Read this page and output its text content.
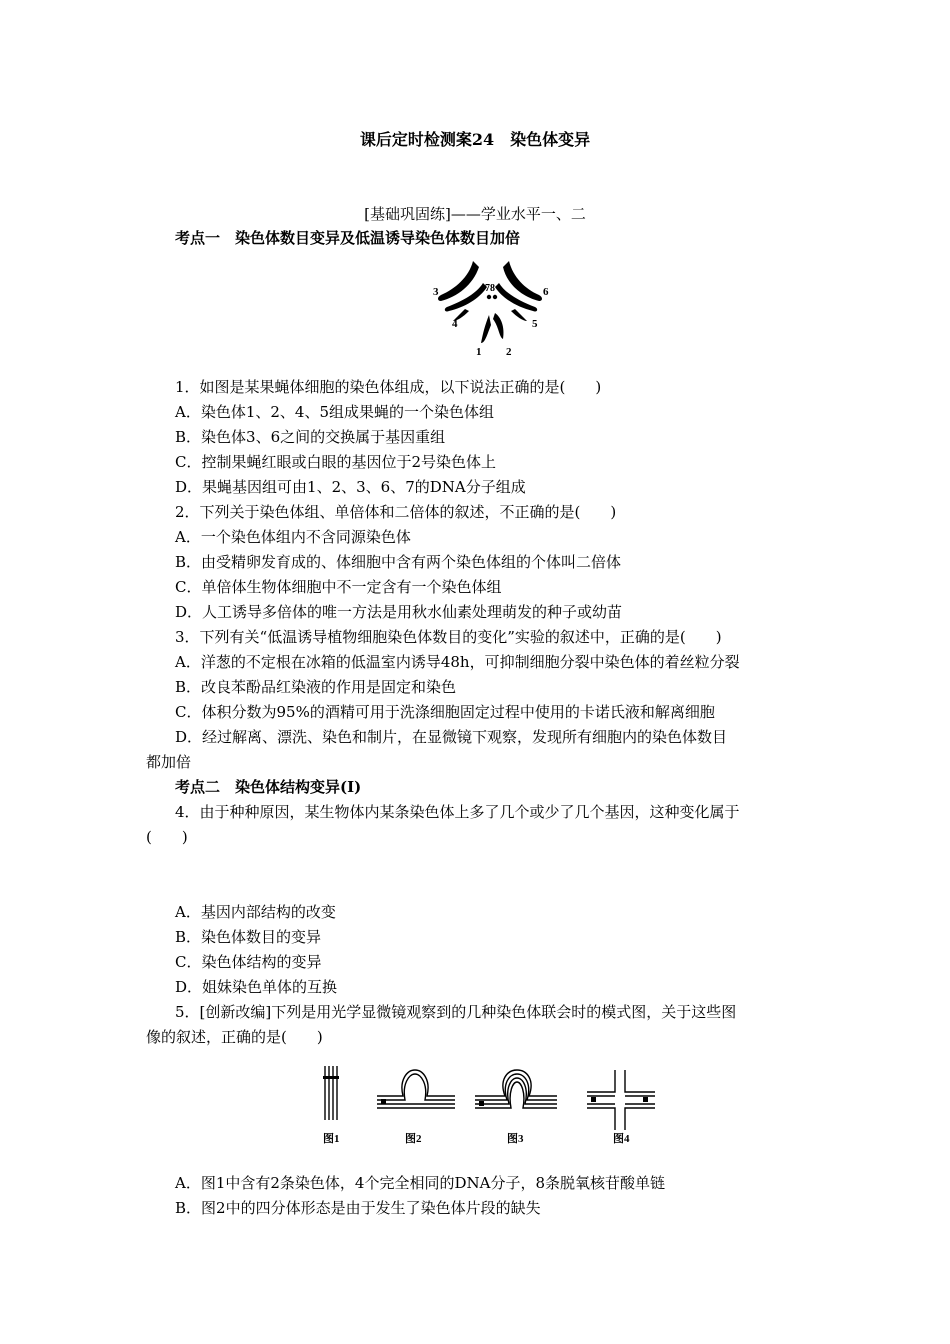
课后定时检测案24　染色体变异
[基础巩固练]——学业水平一、二
考点一　染色体数目变异及低温诱导染色体数目加倍
3	78	6
4	5
1 2
1．如图是某果蝇体细胞的染色体组成，以下说法正确的是(　　)
A．染色体1、2、4、5组成果蝇的一个染色体组
B．染色体3、6之间的交换属于基因重组
C．控制果蝇红眼或白眼的基因位于2号染色体上
D．果蝇基因组可由1、2、3、6、7的DNA分子组成
2．下列关于染色体组、单倍体和二倍体的叙述，不正确的是(　　)
A．一个染色体组内不含同源染色体
B．由受精卵发育成的、体细胞中含有两个染色体组的个体叫二倍体
C．单倍体生物体细胞中不一定含有一个染色体组
D．人工诱导多倍体的唯一方法是用秋水仙素处理萌发的种子或幼苗
3．下列有关“低温诱导植物细胞染色体数目的变化”实验的叙述中，正确的是(　　)
A．洋葱的不定根在冰箱的低温室内诱导48h，可抑制细胞分裂中染色体的着丝粒分裂
B．改良苯酚品红染液的作用是固定和染色
C．体积分数为95%的酒精可用于洗涤细胞固定过程中使用的卡诺氏液和解离细胞
D．经过解离、漂洗、染色和制片，在显微镜下观察，发现所有细胞内的染色体数目
都加倍
考点二　染色体结构变异(Ⅰ)
4．由于种种原因，某生物体内某条染色体上多了几个或少了几个基因，这种变化属于
(　　)
A．基因内部结构的改变
B．染色体数目的变异
C．染色体结构的变异
D．姐妹染色单体的互换
5．[创新改编]下列是用光学显微镜观察到的几种染色体联会时的模式图，关于这些图
像的叙述，正确的是(　　)
图1	图2	图3	图4
A．图1中含有2条染色体，4个完全相同的DNA分子，8条脱氧核苷酸单链
B．图2中的四分体形态是由于发生了染色体片段的缺失
